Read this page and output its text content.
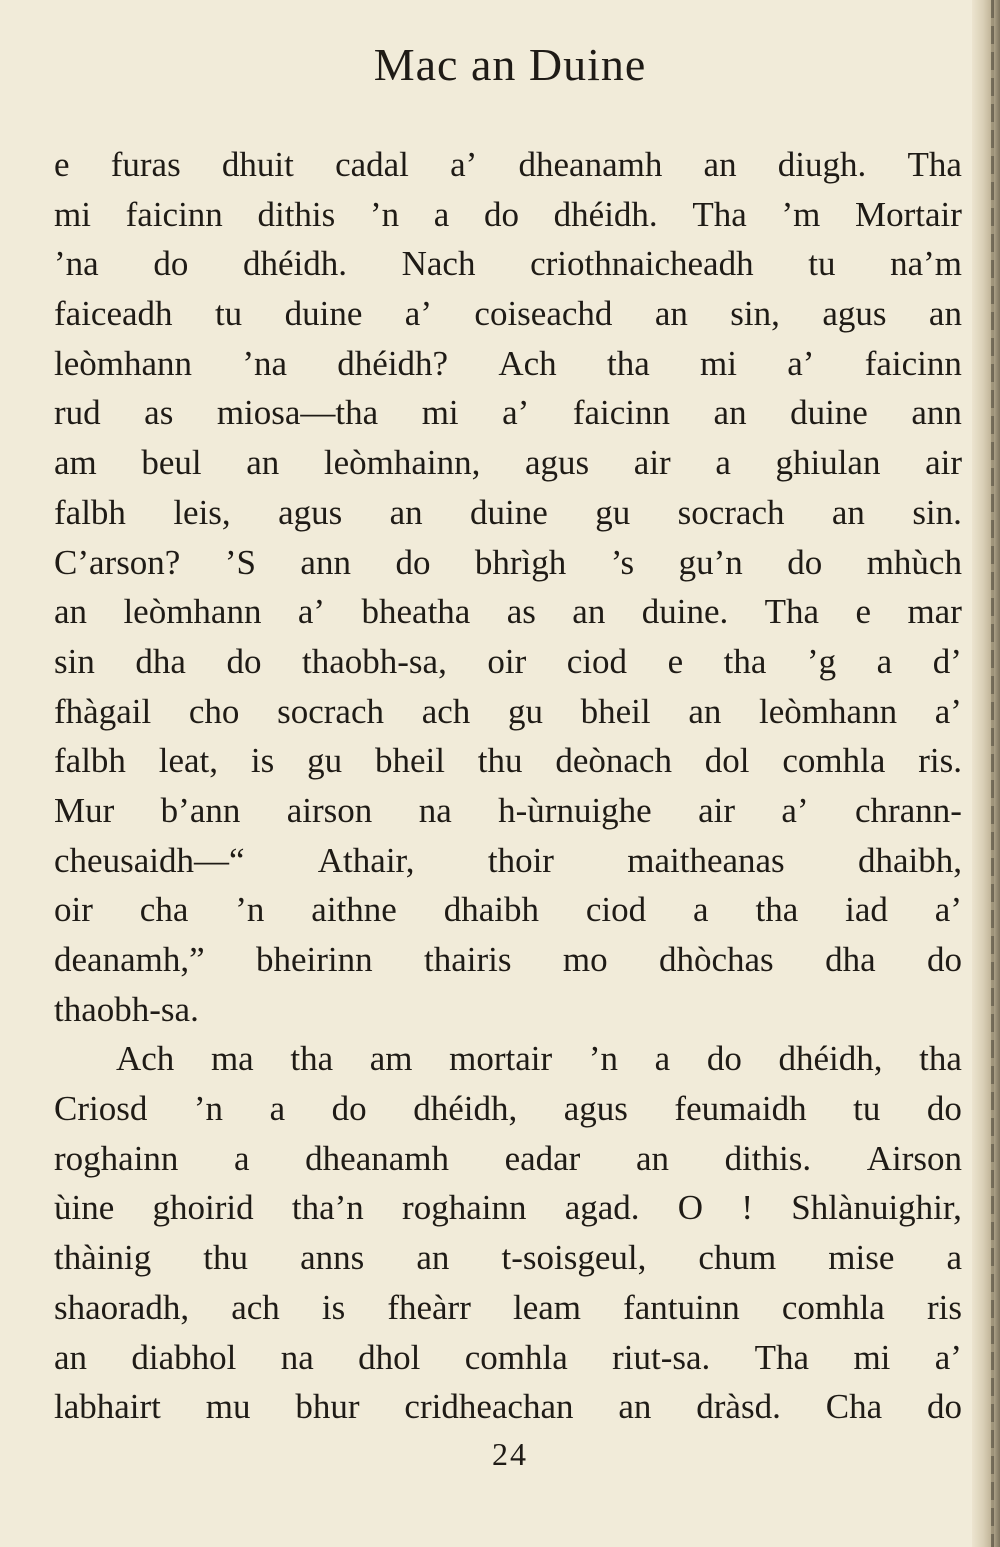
Mac an Duine
e furas dhuit cadal a’ dheanamh an diugh. Tha
mi faicinn dithis ’n a do dhéidh. Tha ’m Mortair
’na do dhéidh. Nach criothnaicheadh tu na’m
faiceadh tu duine a’ coiseachd an sin, agus an
leòmhann ’na dhéidh? Ach tha mi a’ faicinn
rud as miosa—tha mi a’ faicinn an duine ann
am beul an leòmhainn, agus air a ghiulan air
falbh leis, agus an duine gu socrach an sin.
C’arson? ’S ann do bhrìgh ’s gu’n do mhùch
an leòmhann a’ bheatha as an duine. Tha e mar
sin dha do thaobh-sa, oir ciod e tha ’g a d’
fhàgail cho socrach ach gu bheil an leòmhann a’
falbh leat, is gu bheil thu deònach dol comhla ris.
Mur b’ann airson na h-ùrnuighe air a’ chrann-
cheusaidh—“ Athair, thoir maitheanas dhaibh,
oir cha ’n aithne dhaibh ciod a tha iad a’
deanamh,” bheirinn thairis mo dhòchas dha do
thaobh-sa.
Ach ma tha am mortair ’n a do dhéidh, tha
Criosd ’n a do dhéidh, agus feumaidh tu do
roghainn a dheanamh eadar an dithis. Airson
ùine ghoirid tha’n roghainn agad. O ! Shlànuighir,
thàinig thu anns an t-soisgeul, chum mise a
shaoradh, ach is fheàrr leam fantuinn comhla ris
an diabhol na dhol comhla riut-sa. Tha mi a’
labhairt mu bhur cridheachan an dràsd. Cha do
24
